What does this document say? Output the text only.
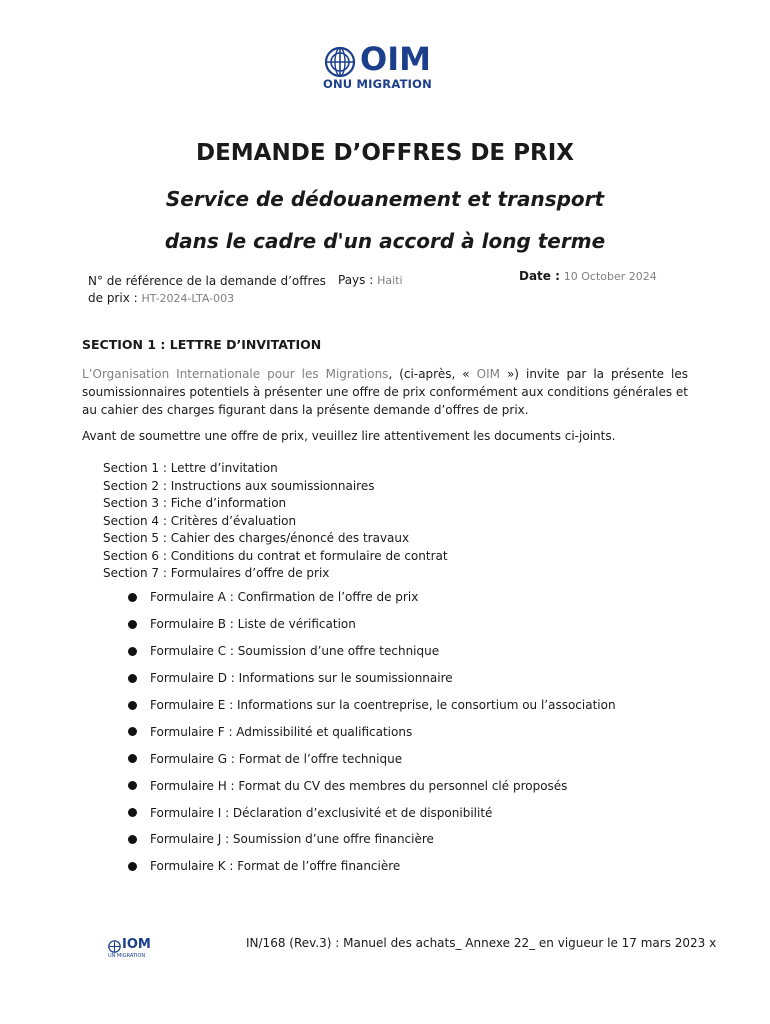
OIM
ONU MIGRATION
DEMANDE D’OFFRES DE PRIX
Service de dédouanement et transport
dans le cadre d'un accord à long terme
N° de référence de la demande d’offres
de prix : HT-2024-LTA-003
Pays : Haiti	Date : 10 October 2024
SECTION 1 : LETTRE D’INVITATION
L’Organisation Internationale pour les Migrations, (ci-après, « OIM ») invite par la présente les soumissionnaires potentiels à présenter une offre de prix conformément aux conditions générales et au cahier des charges figurant dans la présente demande d’offres de prix.
Avant de soumettre une offre de prix, veuillez lire attentivement les documents ci-joints.
Section 1 : Lettre d’invitation
Section 2 : Instructions aux soumissionnaires
Section 3 : Fiche d’information
Section 4 : Critères d’évaluation
Section 5 : Cahier des charges/énoncé des travaux
Section 6 : Conditions du contrat et formulaire de contrat
Section 7 : Formulaires d’offre de prix
Formulaire A : Confirmation de l’offre de prix
Formulaire B : Liste de vérification
Formulaire C : Soumission d’une offre technique
Formulaire D : Informations sur le soumissionnaire
Formulaire E : Informations sur la coentreprise, le consortium ou l’association
Formulaire F : Admissibilité et qualifications
Formulaire G : Format de l’offre technique
Formulaire H : Format du CV des membres du personnel clé proposés
Formulaire I : Déclaration d’exclusivité et de disponibilité
Formulaire J : Soumission d’une offre financière
Formulaire K : Format de l’offre financière
IOM
UN MIGRATION
IN/168 (Rev.3) : Manuel des achats_ Annexe 22_ en vigueur le 17 mars 2023 x
